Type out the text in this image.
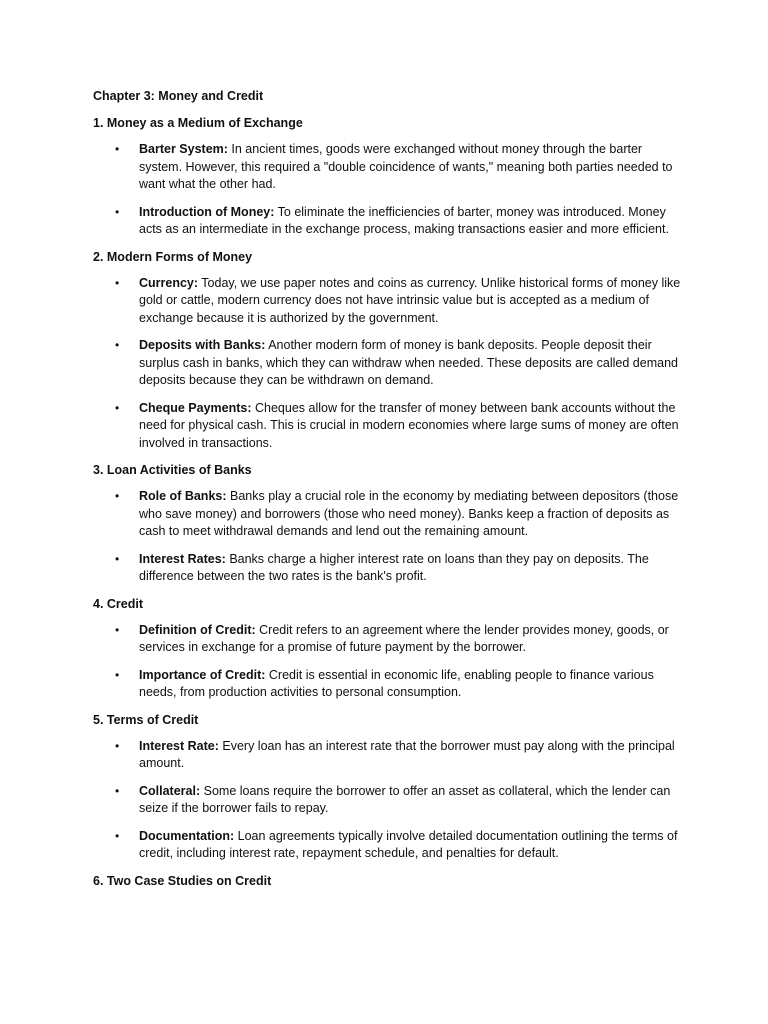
Chapter 3: Money and Credit
1. Money as a Medium of Exchange
• Barter System: In ancient times, goods were exchanged without money through the barter system. However, this required a "double coincidence of wants," meaning both parties needed to want what the other had.
• Introduction of Money: To eliminate the inefficiencies of barter, money was introduced. Money acts as an intermediate in the exchange process, making transactions easier and more efficient.
2. Modern Forms of Money
• Currency: Today, we use paper notes and coins as currency. Unlike historical forms of money like gold or cattle, modern currency does not have intrinsic value but is accepted as a medium of exchange because it is authorized by the government.
• Deposits with Banks: Another modern form of money is bank deposits. People deposit their surplus cash in banks, which they can withdraw when needed. These deposits are called demand deposits because they can be withdrawn on demand.
• Cheque Payments: Cheques allow for the transfer of money between bank accounts without the need for physical cash. This is crucial in modern economies where large sums of money are often involved in transactions.
3. Loan Activities of Banks
• Role of Banks: Banks play a crucial role in the economy by mediating between depositors (those who save money) and borrowers (those who need money). Banks keep a fraction of deposits as cash to meet withdrawal demands and lend out the remaining amount.
• Interest Rates: Banks charge a higher interest rate on loans than they pay on deposits. The difference between the two rates is the bank's profit.
4. Credit
• Definition of Credit: Credit refers to an agreement where the lender provides money, goods, or services in exchange for a promise of future payment by the borrower.
• Importance of Credit: Credit is essential in economic life, enabling people to finance various needs, from production activities to personal consumption.
5. Terms of Credit
• Interest Rate: Every loan has an interest rate that the borrower must pay along with the principal amount.
• Collateral: Some loans require the borrower to offer an asset as collateral, which the lender can seize if the borrower fails to repay.
• Documentation: Loan agreements typically involve detailed documentation outlining the terms of credit, including interest rate, repayment schedule, and penalties for default.
6. Two Case Studies on Credit
